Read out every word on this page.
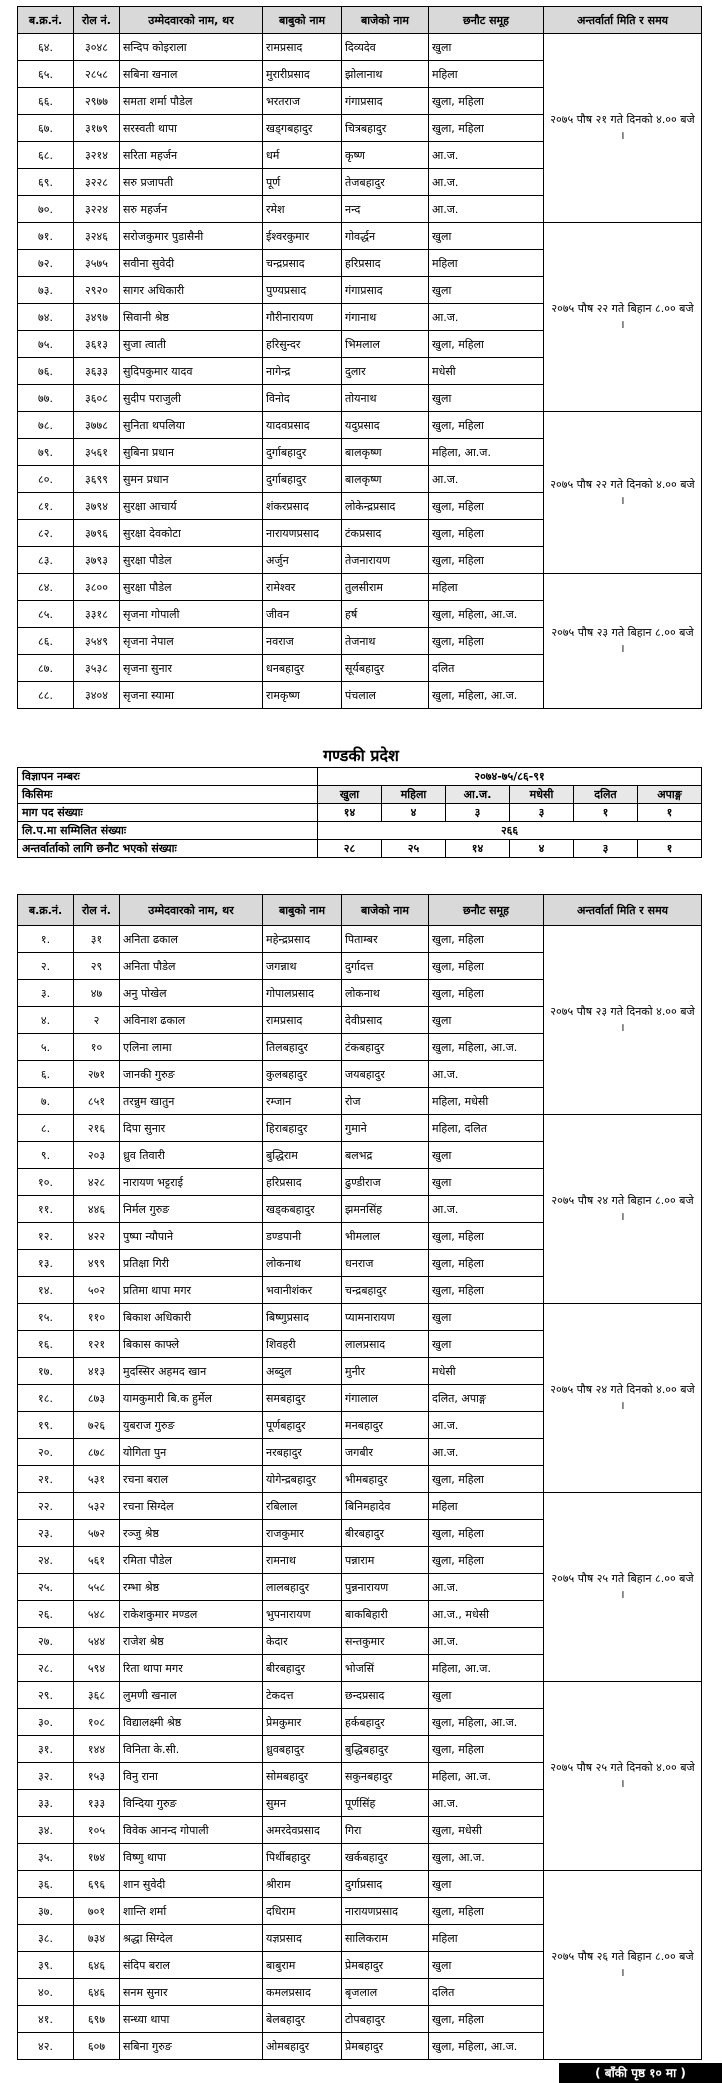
ब.क्र.नं.	रोल नं.	उम्मेदवारको नाम, थर	बाबुको नाम	बाजेको नाम	छनौट समूह	अन्तर्वार्ता मिति र समय
६४.	३०४८	सन्दिप कोइराला	रामप्रसाद	दिव्यदेव	खुला	२०७५ पौष २१ गते दिनको ४.०० बजे ।
६५.	२८५८	सबिना खनाल	मुरारीप्रसाद	झोलानाथ	महिला	
६६.	२९७७	समता शर्मा पौडेल	भरतराज	गंगाप्रसाद	खुला, महिला	
६७.	३१७९	सरस्वती थापा	खड्गबहादुर	चित्रबहादुर	खुला, महिला	
६८.	३२१४	सरिता महर्जन	धर्म	कृष्ण	आ.ज.	
६९.	३२२८	सरु प्रजापती	पूर्ण	तेजबहादुर	आ.ज.	
७०.	३२२४	सरु महर्जन	रमेश	नन्द	आ.ज.	
७१.	३२४६	सरोजकुमार पुडासैनी	ईश्वरकुमार	गोवर्द्धन	खुला	२०७५ पौष २२ गते बिहान ८.०० बजे ।
७२.	३५७५	सवीना सुवेदी	चन्द्रप्रसाद	हरिप्रसाद	महिला	
७३.	२९२०	सागर अधिकारी	पुण्यप्रसाद	गंगाप्रसाद	खुला	
७४.	३४९७	सिवानी श्रेष्ठ	गौरीनारायण	गंगानाथ	आ.ज.	
७५.	३६१३	सुजा त्वाती	हरिसुन्दर	भिमलाल	खुला, महिला	
७६.	३६३३	सुदिपकुमार यादव	नागेन्द्र	दुलार	मधेसी	
७७.	३६०८	सुदीप पराजुली	विनोद	तोयनाथ	खुला	
७८.	३७७८	सुनिता थपलिया	यादवप्रसाद	यदुप्रसाद	खुला, महिला	२०७५ पौष २२ गते दिनको ४.०० बजे ।
७९.	३५६१	सुबिना प्रधान	दुर्गाबहादुर	बालकृष्ण	महिला, आ.ज.	
८०.	३६९९	सुमन प्रधान	दुर्गाबहादुर	बालकृष्ण	आ.ज.	
८१.	३७९४	सुरक्षा आचार्य	शंकरप्रसाद	लोकेन्द्रप्रसाद	खुला, महिला	
८२.	३७९६	सुरक्षा देवकोटा	नारायणप्रसाद	टंकप्रसाद	खुला, महिला	
८३.	३७९३	सुरक्षा पौडेल	अर्जुन	तेजनारायण	खुला, महिला	
८४.	३८००	सुरक्षा पौडेल	रामेश्वर	तुलसीराम	महिला	२०७५ पौष २३ गते बिहान ८.०० बजे ।
८५.	३३१८	सृजना गोपाली	जीवन	हर्ष	खुला, महिला, आ.ज.	
८६.	३५४९	सृजना नेपाल	नवराज	तेजनाथ	खुला, महिला	
८७.	३५३८	सृजना सुनार	धनबहादुर	सूर्यबहादुर	दलित	
८८.	३४०४	सृजना स्यामा	रामकृष्ण	पंचलाल	खुला, महिला, आ.ज.	
गण्डकी प्रदेश
विज्ञापन नम्बरः	२०७४-७५/८६-९१					
किसिमः	खुला	महिला	आ.ज.	मधेसी	दलित	अपाङ्ग
माग पद संख्याः	१४	४	३	३	१	१
लि.प.मा सम्मिलित संख्याः	२६६					
अन्तर्वार्ताको लागि छनौट भएको संख्याः	२८	२५	१४	४	३	१
ब.क्र.नं.	रोल नं.	उम्मेदवारको नाम, थर	बाबुको नाम	बाजेको नाम	छनौट समूह	अन्तर्वार्ता मिति र समय
१.	३१	अनिता ढकाल	महेन्द्रप्रसाद	पिताम्बर	खुला, महिला	२०७५ पौष २३ गते दिनको ४.०० बजे ।
२.	२९	अनिता पौडेल	जगन्नाथ	दुर्गादत्त	खुला, महिला	
३.	४७	अनु पोखेल	गोपालप्रसाद	लोकनाथ	खुला, महिला	
४.	२	अविनाश ढकाल	रामप्रसाद	देवीप्रसाद	खुला	
५.	१०	एलिना लामा	तिलबहादुर	टंकबहादुर	खुला, महिला, आ.ज.	
६.	२७१	जानकी गुरुङ	कुलबहादुर	जयबहादुर	आ.ज.	
७.	८५१	तरन्नुम खातुन	रम्जान	रोज	महिला, मधेसी	
८.	२१६	दिपा सुनार	हिराबहादुर	गुमाने	महिला, दलित	२०७५ पौष २४ गते बिहान ८.०० बजे ।
९.	२०३	ध्रुव तिवारी	बुद्धिराम	बलभद्र	खुला	
१०.	४२८	नारायण भट्टराई	हरिप्रसाद	ढुण्डीराज	खुला	
११.	४४६	निर्मल गुरुङ	खड्कबहादुर	झमनसिंह	आ.ज.	
१२.	४२२	पुष्पा न्यौपाने	डण्डपानी	भीमलाल	खुला, महिला	
१३.	४९९	प्रतिक्षा गिरी	लोकनाथ	धनराज	खुला, महिला	
१४.	५०२	प्रतिमा थापा मगर	भवानीशंकर	चन्द्रबहादुर	खुला, महिला	
१५.	११०	बिकाश अधिकारी	बिष्णुप्रसाद	प्यामनारायण	खुला	२०७५ पौष २४ गते दिनको ४.०० बजे ।
१६.	१२१	बिकास काफ्ले	शिवहरी	लालप्रसाद	खुला	
१७.	४१३	मुदस्सिर अहमद खान	अब्दुल	मुनीर	मधेसी	
१८.	८७३	यामकुमारी बि.क हुर्मेल	समबहादुर	गंगालाल	दलित, अपाङ्ग	
१९.	७२६	युबराज गुरुङ	पूर्णबहादुर	मनबहादुर	आ.ज.	
२०.	८७८	योगिता पुन	नरबहादुर	जगबीर	आ.ज.	
२१.	५३१	रचना बराल	योगेन्द्रबहादुर	भीमबहादुर	खुला, महिला	
२२.	५३२	रचना सिग्देल	रबिलाल	बिनिमहादेव	महिला	२०७५ पौष २५ गते बिहान ८.०० बजे ।
२३.	५७२	रञ्जु श्रेष्ठ	राजकुमार	बीरबहादुर	खुला, महिला	
२४.	५६१	रमिता पौडेल	रामनाथ	पन्नाराम	खुला, महिला	
२५.	५५८	रम्भा श्रेष्ठ	लालबहादुर	पुन्ननारायण	आ.ज.	
२६.	५४८	राकेशकुमार मण्डल	भुपनारायण	बाकबिहारी	आ.ज., मधेसी	
२७.	५४४	राजेश श्रेष्ठ	केदार	सन्तकुमार	आ.ज.	
२८.	५९४	रिता थापा मगर	बीरबहादुर	भोजसिं	महिला, आ.ज.	
२९.	३६८	लुमणी खनाल	टेकदत्त	छन्दप्रसाद	खुला	२०७५ पौष २५ गते दिनको ४.०० बजे ।
३०.	१०८	विद्यालक्ष्मी श्रेष्ठ	प्रेमकुमार	हर्कबहादुर	खुला, महिला, आ.ज.	
३१.	१४४	विनिता के.सी.	ध्रुवबहादुर	बुद्धिबहादुर	खुला, महिला	
३२.	१५३	विनु राना	सोमबहादुर	सकुनबहादुर	महिला, आ.ज.	
३३.	१३३	विन्दिया गुरुङ	सुमन	पूर्णसिंह	आ.ज.	
३४.	१०५	विवेक आनन्द गोपाली	अमरदेवप्रसाद	गिरा	खुला, मधेसी	
३५.	१७४	विष्णु थापा	पिर्थीबहादुर	खर्कबहादुर	खुला, आ.ज.	
३६.	६९६	शान सुवेदी	श्रीराम	दुर्गाप्रसाद	खुला	२०७५ पौष २६ गते बिहान ८.०० बजे ।
३७.	७०१	शान्ति शर्मा	दधिराम	नारायणप्रसाद	खुला, महिला	
३८.	७३४	श्रद्धा सिग्देल	यज्ञप्रसाद	सालिकराम	महिला	
३९.	६४६	संदिप बराल	बाबुराम	प्रेमबहादुर	खुला	
४०.	६४६	सनम सुनार	कमलप्रसाद	बृजलाल	दलित	
४१.	६९७	सन्ध्या थापा	बेलबहादुर	टोपबहादुर	खुला, महिला	
४२.	६०७	सबिना गुरुङ	ओमबहादुर	प्रेमबहादुर	खुला, महिला, आ.ज.	
( बाँकी पृष्ठ १० मा )
